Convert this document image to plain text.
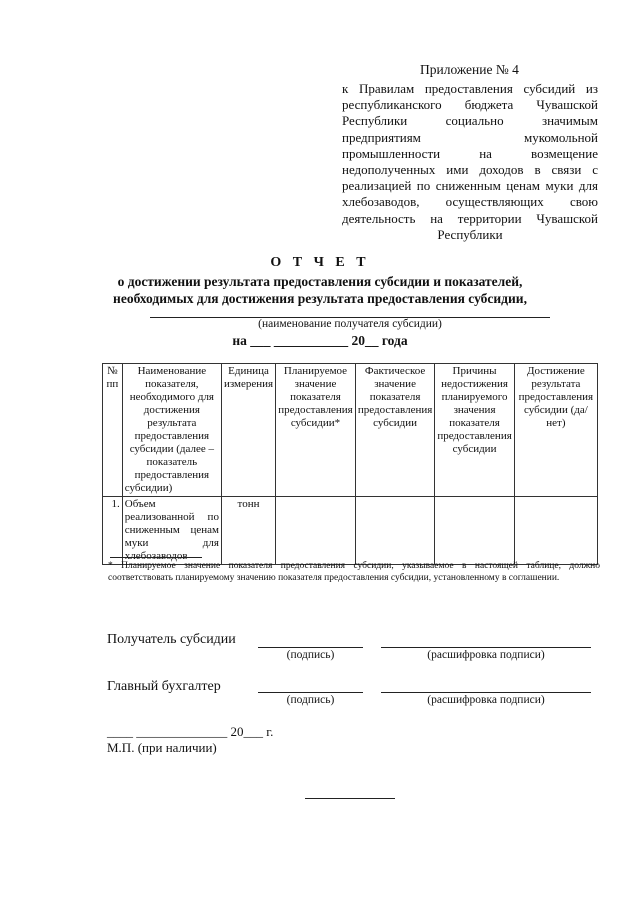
Приложение № 4
к Правилам предоставления субсидий из республиканского бюджета Чувашской Республики социально значимым предприятиям мукомольной промышленности на возмещение недополученных ими доходов в связи с реализацией по сниженным ценам муки для хлебозаводов, осуществляющих свою деятельность на территории Чувашской Республики
О Т Ч Е Т
о достижении результата предоставления субсидии и показателей,
необходимых для достижения результата предоставления субсидии,
(наименование получателя субсидии)
на ___ ___________ 20__ года
№ пп	Наименование показателя, необходимого для достижения результата предоставления субсидии (далее – показатель предоставления субсидии)	Единица измерения	Планируемое значение показателя предоставления субсидии*	Фактическое значение показателя предоставления субсидии	Причины недостижения планируемого значения показателя предоставления субсидии	Достижение результата предоставления субсидии (да/нет)
1.	Объем реализованной по сниженным ценам муки для хлебозаводов	тонн				
* Планируемое значение показателя предоставления субсидии, указываемое в настоящей таблице, должно соответствовать планируемому значению показателя предоставления субсидии, установленному в соглашении.
Получатель субсидии
(подпись)	(расшифровка подписи)
Главный бухгалтер
(подпись)	(расшифровка подписи)
____ ______________ 20___ г.
М.П. (при наличии)
